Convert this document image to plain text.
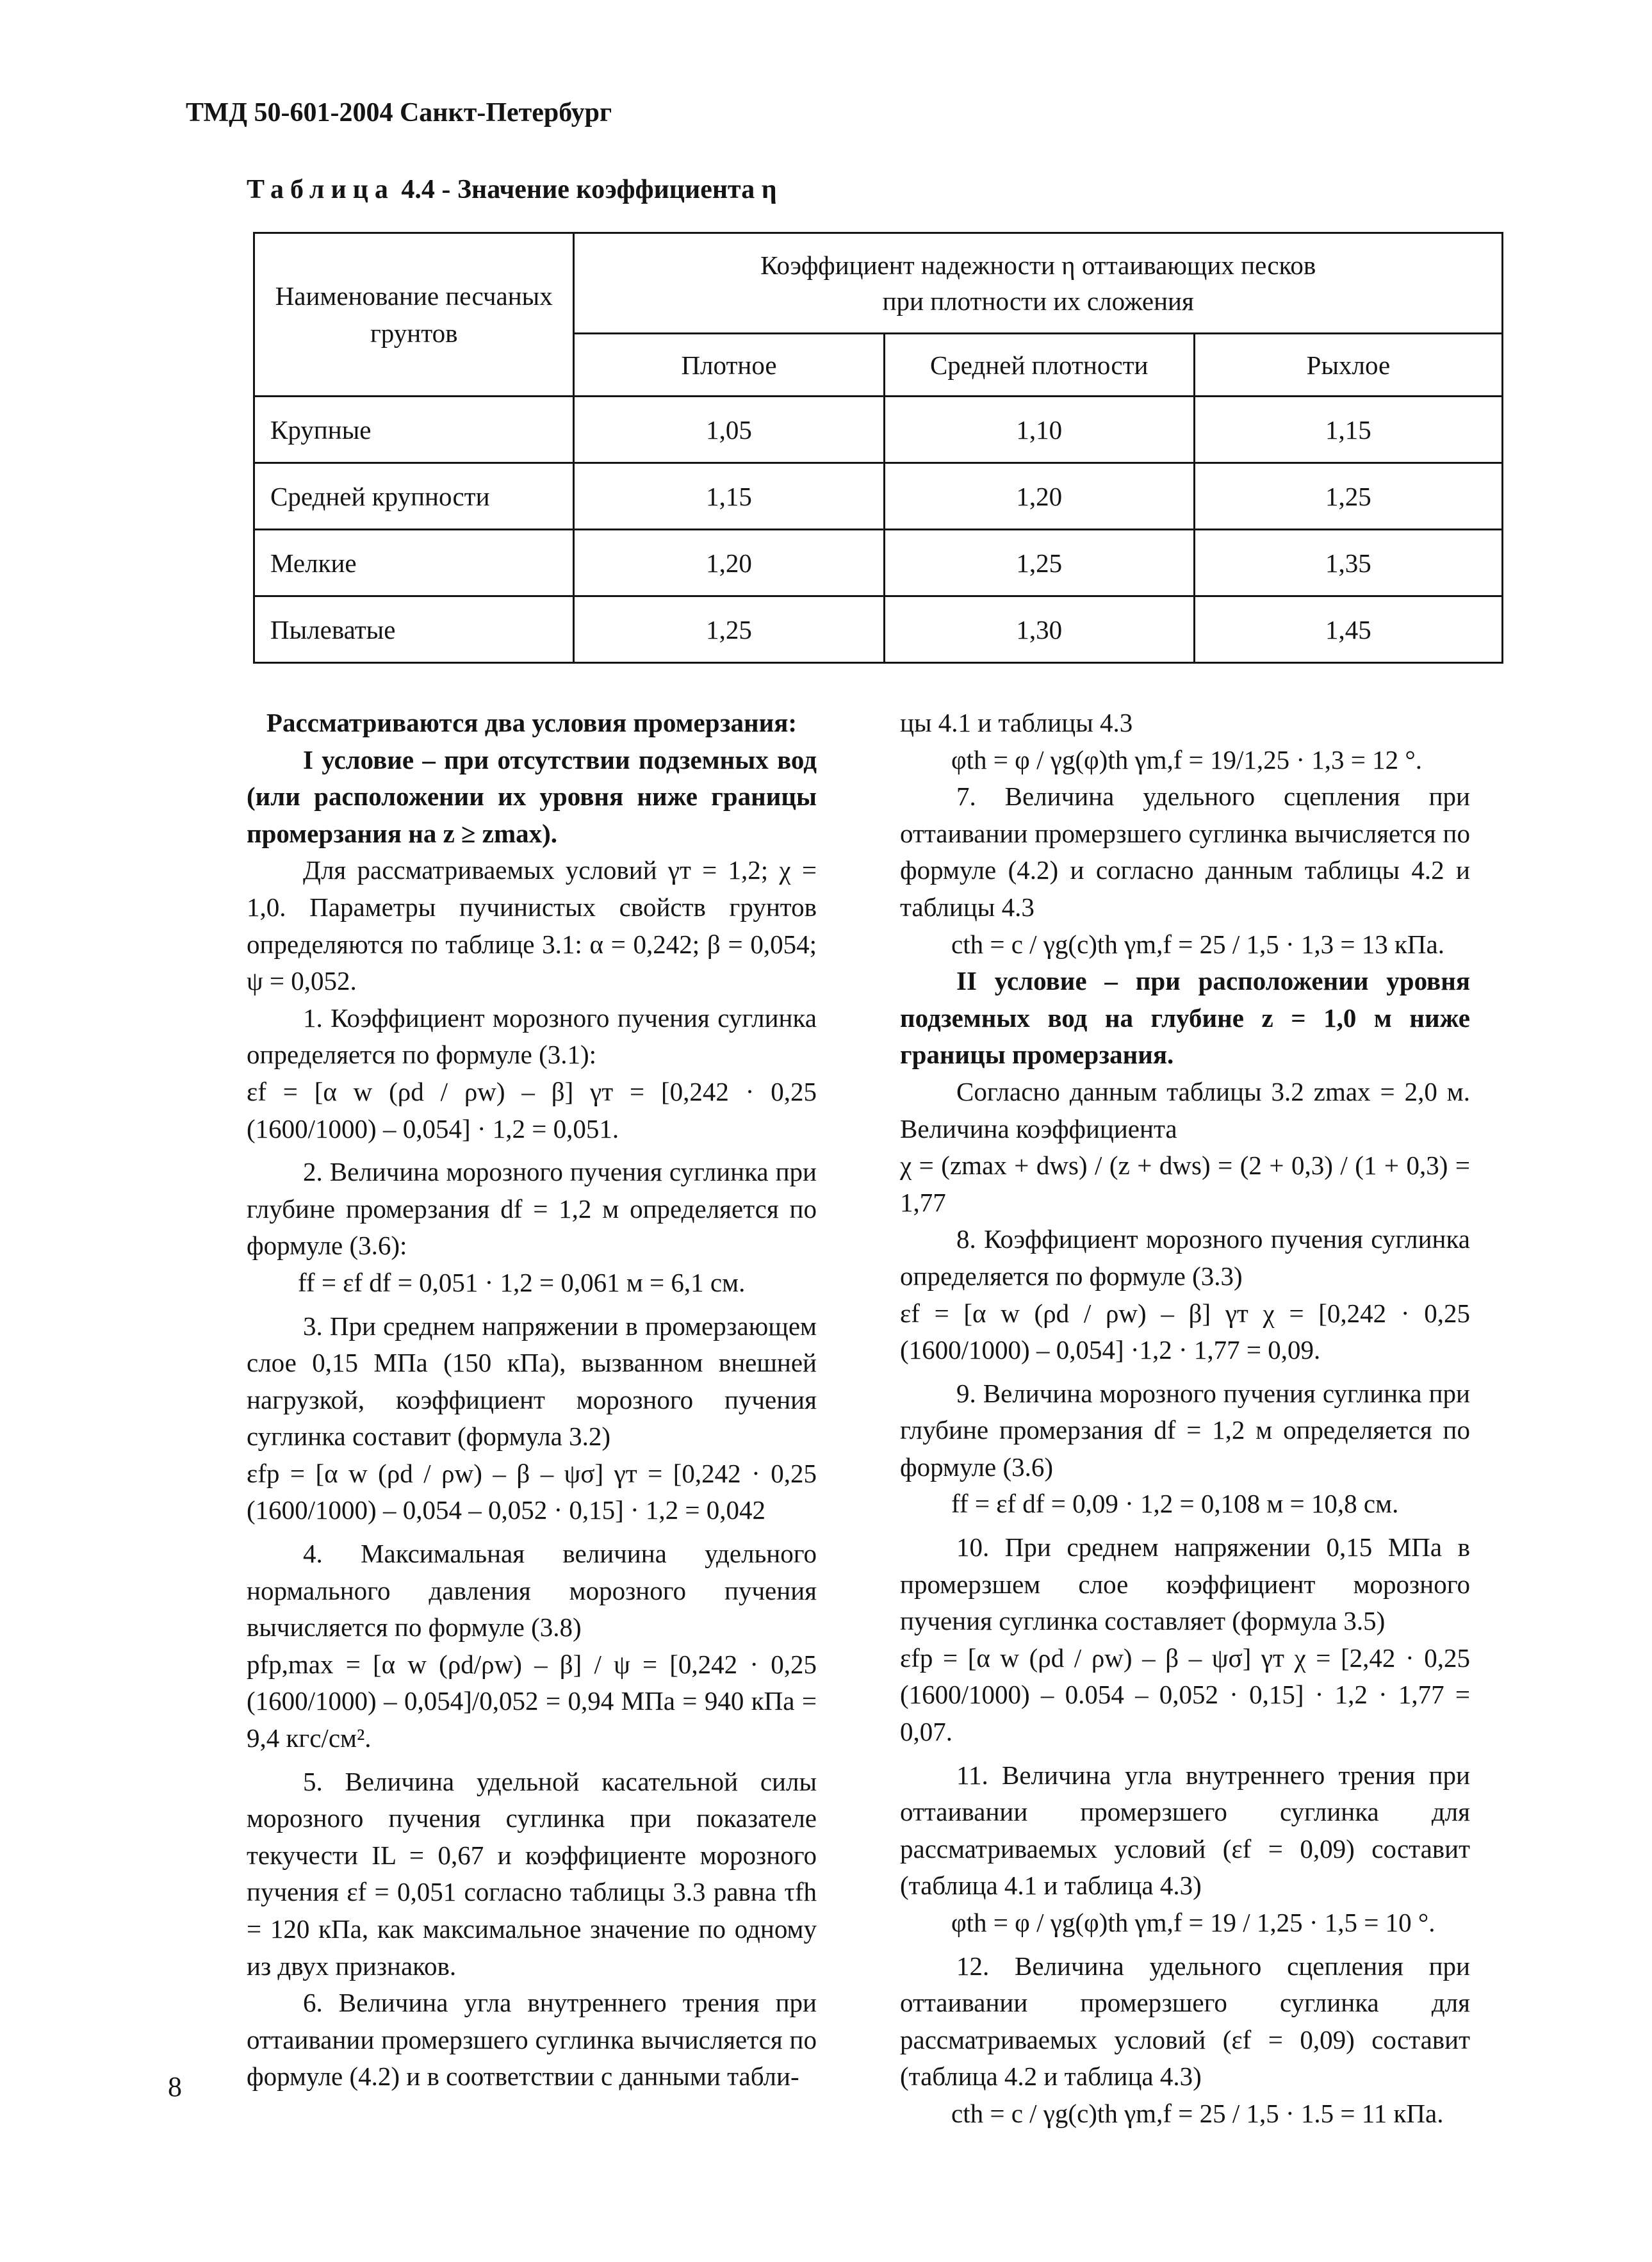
ТМД 50-601-2004 Санкт-Петербург
Таблица 4.4 - Значение коэффициента η
Наименование песчаных грунтов	Коэффициент надежности η оттаивающих песков
при плотности их сложения		

	Плотное	Средней плотности	Рыхлое
Крупные	1,05	1,10	1,15
Средней крупности	1,15	1,20	1,25
Мелкие	1,20	1,25	1,35
Пылеватые	1,25	1,30	1,45

Рассматриваются два условия промерзания:

I условие – при отсутствии подземных вод (или расположении их уровня ниже границы промерзания на z ≥ zmax).

Для рассматриваемых условий γт = 1,2; χ = 1,0. Параметры пучинистых свойств грунтов определяются по таблице 3.1: α = 0,242; β = 0,054; ψ = 0,052.

1. Коэффициент морозного пучения суглинка определяется по формуле (3.1):

εf = [α w (ρd / ρw) – β] γт = [0,242 · 0,25 (1600/1000) – 0,054] · 1,2 = 0,051.

2. Величина морозного пучения суглинка при глубине промерзания df = 1,2 м определяется по формуле (3.6):

ff = εf df = 0,051 · 1,2 = 0,061 м = 6,1 см.

3. При среднем напряжении в промерзающем слое 0,15 МПа (150 кПа), вызванном внешней нагрузкой, коэффициент морозного пучения суглинка составит (формула 3.2)

εfp = [α w (ρd / ρw) – β – ψσ] γт = [0,242 · 0,25 (1600/1000) – 0,054 – 0,052 · 0,15] · 1,2 = 0,042

4. Максимальная величина удельного нормального давления морозного пучения вычисляется по формуле (3.8)

pfp,max = [α w (ρd/ρw) – β] / ψ = [0,242 · 0,25 (1600/1000) – 0,054]/0,052 = 0,94 МПа = 940 кПа = 9,4 кгс/см².

5. Величина удельной касательной силы морозного пучения суглинка при показателе текучести IL = 0,67 и коэффициенте морозного пучения εf = 0,051 согласно таблицы 3.3 равна τfh = 120 кПа, как максимальное значение по одному из двух признаков.

6. Величина угла внутреннего трения при оттаивании промерзшего суглинка вычисляется по формуле (4.2) и в соответствии с данными табли-

цы 4.1 и таблицы 4.3

φth = φ / γg(φ)th γm,f = 19/1,25 · 1,3 = 12 °.

7. Величина удельного сцепления при оттаивании промерзшего суглинка вычисляется по формуле (4.2) и согласно данным таблицы 4.2 и таблицы 4.3

cth = c / γg(c)th γm,f = 25 / 1,5 · 1,3 = 13 кПа.

II условие – при расположении уровня подземных вод на глубине z = 1,0 м ниже границы промерзания.

Согласно данным таблицы 3.2 zmax = 2,0 м. Величина коэффициента

χ = (zmax + dws) / (z + dws) = (2 + 0,3) / (1 + 0,3) = 1,77

8. Коэффициент морозного пучения суглинка определяется по формуле (3.3)

εf = [α w (ρd / ρw) – β] γт χ = [0,242 · 0,25 (1600/1000) – 0,054] ·1,2 · 1,77 = 0,09.

9. Величина морозного пучения суглинка при глубине промерзания df = 1,2 м определяется по формуле (3.6)

ff = εf df = 0,09 · 1,2 = 0,108 м = 10,8 см.

10. При среднем напряжении 0,15 МПа в промерзшем слое коэффициент морозного пучения суглинка составляет (формула 3.5)

εfp = [α w (ρd / ρw) – β – ψσ] γт χ = [2,42 · 0,25 (1600/1000) – 0.054 – 0,052 · 0,15] · 1,2 · 1,77 = 0,07.

11. Величина угла внутреннего трения при оттаивании промерзшего суглинка для рассматриваемых условий (εf = 0,09) составит (таблица 4.1 и таблица 4.3)

φth = φ / γg(φ)th γm,f = 19 / 1,25 · 1,5 = 10 °.

12. Величина удельного сцепления при оттаивании промерзшего суглинка для рассматриваемых условий (εf = 0,09) составит (таблица 4.2 и таблица 4.3)

cth = c / γg(c)th γm,f = 25 / 1,5 · 1.5 = 11 кПа.

8
